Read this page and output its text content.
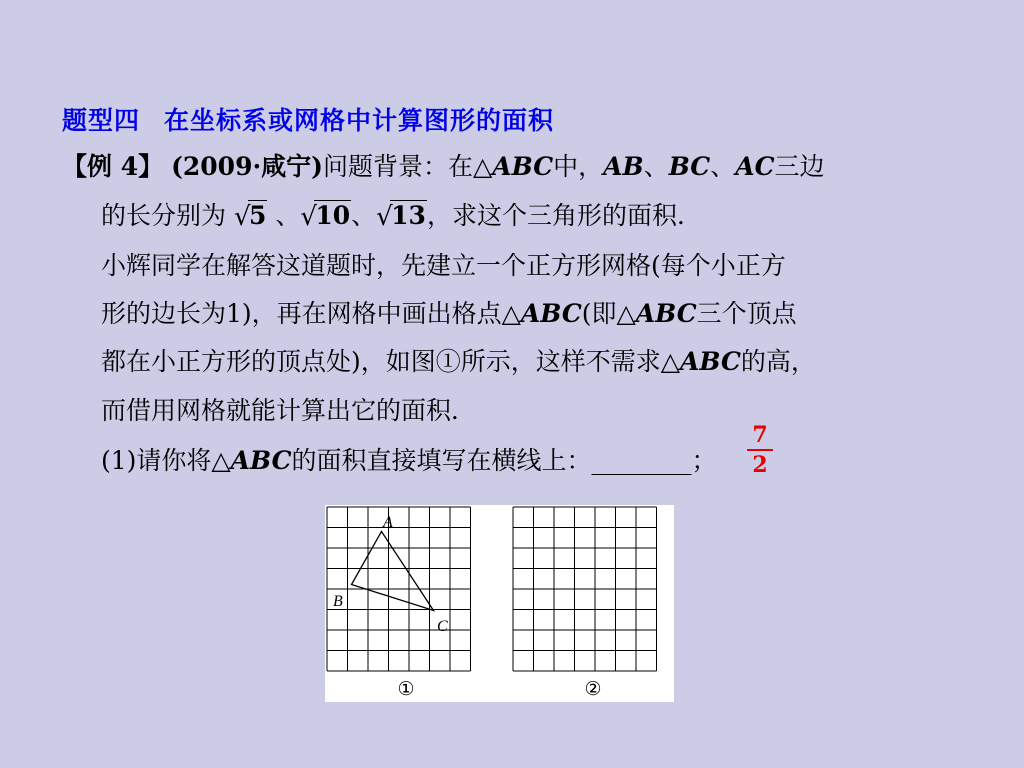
题型四 在坐标系或网格中计算图形的面积
【例 4】 (2009·咸宁)问题背景：在△ABC中，AB、BC、AC三边
的长分别为 √
5 、 √
10、 √
13，求这个三角形的面积．
小辉同学在解答这道题时，先建立一个正方形网格(每个小正方
形的边长为1)，再在网格中画出格点△ABC(即△ABC三个顶点
都在小正方形的顶点处)，如图①所示，这样不需求△ABC的高，
而借用网格就能计算出它的面积．
(1)请你将△ABC的面积直接填写在横线上：________；
7
2
A
B
C
①	②
